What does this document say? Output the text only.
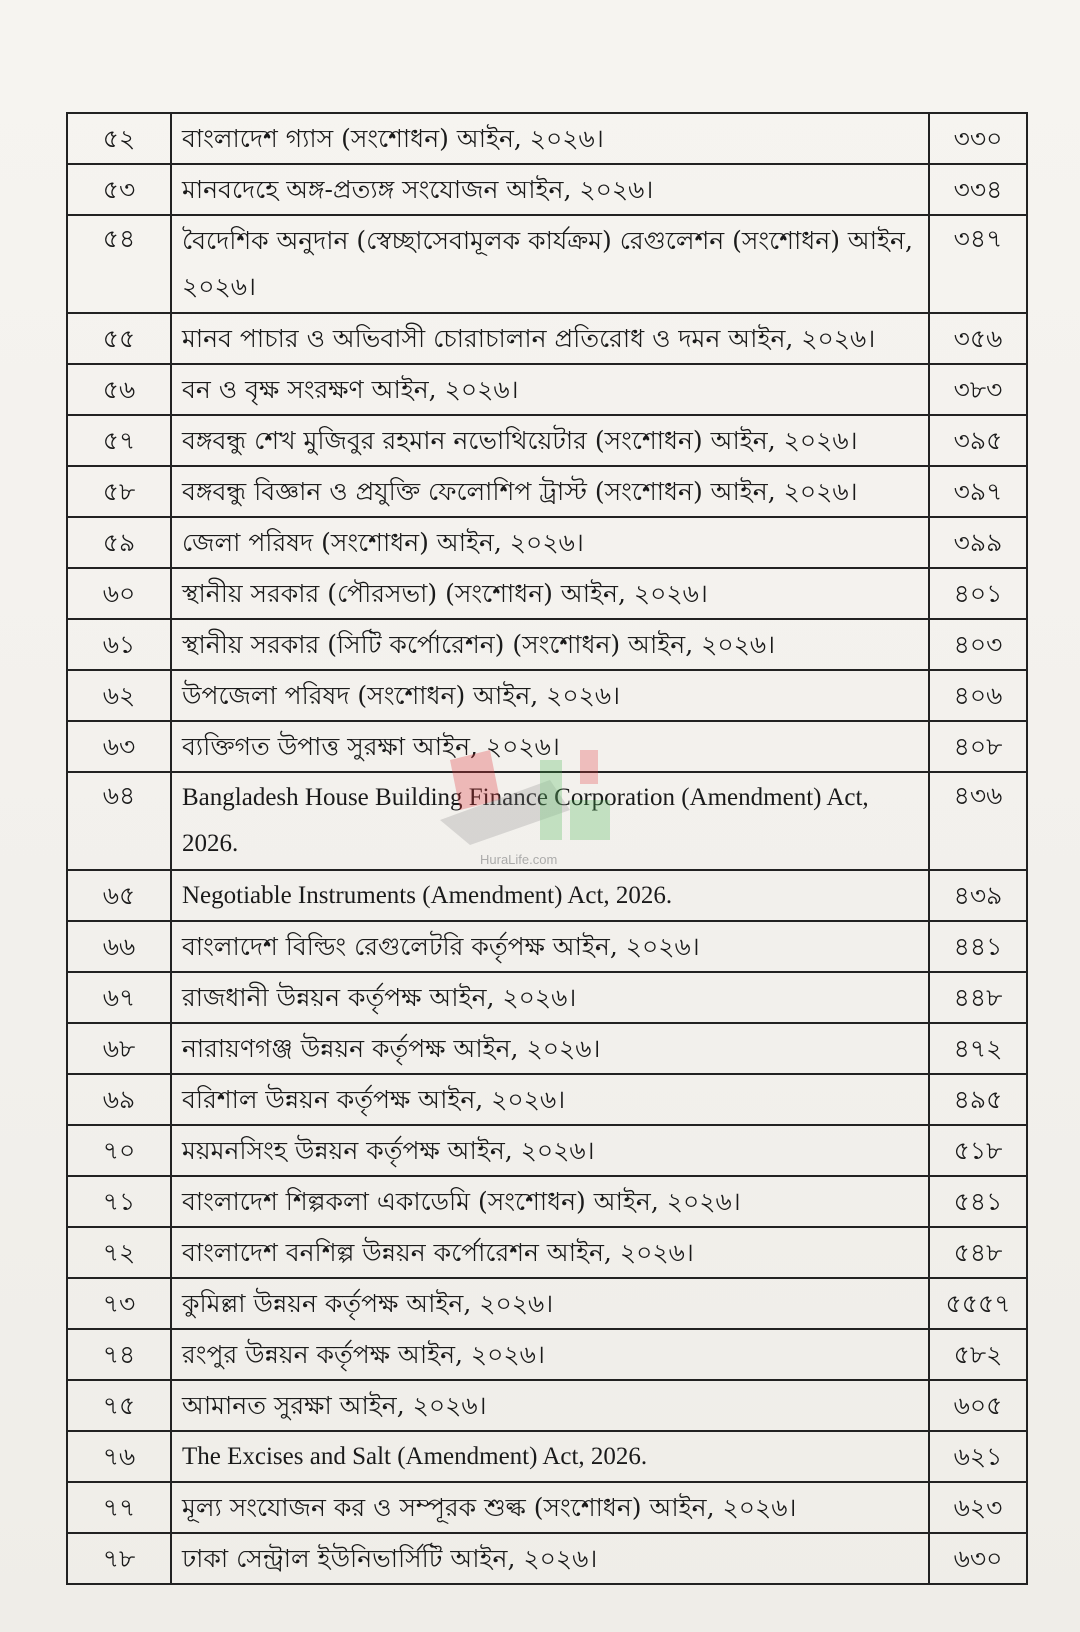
৫২	বাংলাদেশ গ্যাস (সংশোধন) আইন, ২০২৬।	৩৩০
৫৩	মানবদেহে অঙ্গ-প্রত্যঙ্গ সংযোজন আইন, ২০২৬।	৩৩৪
৫৪	বৈদেশিক অনুদান (স্বেচ্ছাসেবামূলক কার্যক্রম) রেগুলেশন (সংশোধন) আইন, ২০২৬।	৩৪৭
৫৫	মানব পাচার ও অভিবাসী চোরাচালান প্রতিরোধ ও দমন আইন, ২০২৬।	৩৫৬
৫৬	বন ও বৃক্ষ সংরক্ষণ আইন, ২০২৬।	৩৮৩
৫৭	বঙ্গবন্ধু শেখ মুজিবুর রহমান নভোথিয়েটার (সংশোধন) আইন, ২০২৬।	৩৯৫
৫৮	বঙ্গবন্ধু বিজ্ঞান ও প্রযুক্তি ফেলোশিপ ট্রাস্ট (সংশোধন) আইন, ২০২৬।	৩৯৭
৫৯	জেলা পরিষদ (সংশোধন) আইন, ২০২৬।	৩৯৯
৬০	স্থানীয় সরকার (পৌরসভা) (সংশোধন) আইন, ২০২৬।	৪০১
৬১	স্থানীয় সরকার (সিটি কর্পোরেশন) (সংশোধন) আইন, ২০২৬।	৪০৩
৬২	উপজেলা পরিষদ (সংশোধন) আইন, ২০২৬।	৪০৬
৬৩	ব্যক্তিগত উপাত্ত সুরক্ষা আইন, ২০২৬।	৪০৮
৬৪	Bangladesh House Building Finance Corporation (Amendment) Act, 2026.	৪৩৬
৬৫	Negotiable Instruments (Amendment) Act, 2026.	৪৩৯
৬৬	বাংলাদেশ বিল্ডিং রেগুলেটরি কর্তৃপক্ষ আইন, ২০২৬।	৪৪১
৬৭	রাজধানী উন্নয়ন কর্তৃপক্ষ আইন, ২০২৬।	৪৪৮
৬৮	নারায়ণগঞ্জ উন্নয়ন কর্তৃপক্ষ আইন, ২০২৬।	৪৭২
৬৯	বরিশাল উন্নয়ন কর্তৃপক্ষ আইন, ২০২৬।	৪৯৫
৭০	ময়মনসিংহ উন্নয়ন কর্তৃপক্ষ আইন, ২০২৬।	৫১৮
৭১	বাংলাদেশ শিল্পকলা একাডেমি (সংশোধন) আইন, ২০২৬।	৫৪১
৭২	বাংলাদেশ বনশিল্প উন্নয়ন কর্পোরেশন আইন, ২০২৬।	৫৪৮
৭৩	কুমিল্লা উন্নয়ন কর্তৃপক্ষ আইন, ২০২৬।	৫৫৫৭
৭৪	রংপুর উন্নয়ন কর্তৃপক্ষ আইন, ২০২৬।	৫৮২
৭৫	আমানত সুরক্ষা আইন, ২০২৬।	৬০৫
৭৬	The Excises and Salt (Amendment) Act, 2026.	৬২১
৭৭	মূল্য সংযোজন কর ও সম্পূরক শুল্ক (সংশোধন) আইন, ২০২৬।	৬২৩
৭৮	ঢাকা সেন্ট্রাল ইউনিভার্সিটি আইন, ২০২৬।	৬৩০
HuraLife.com
